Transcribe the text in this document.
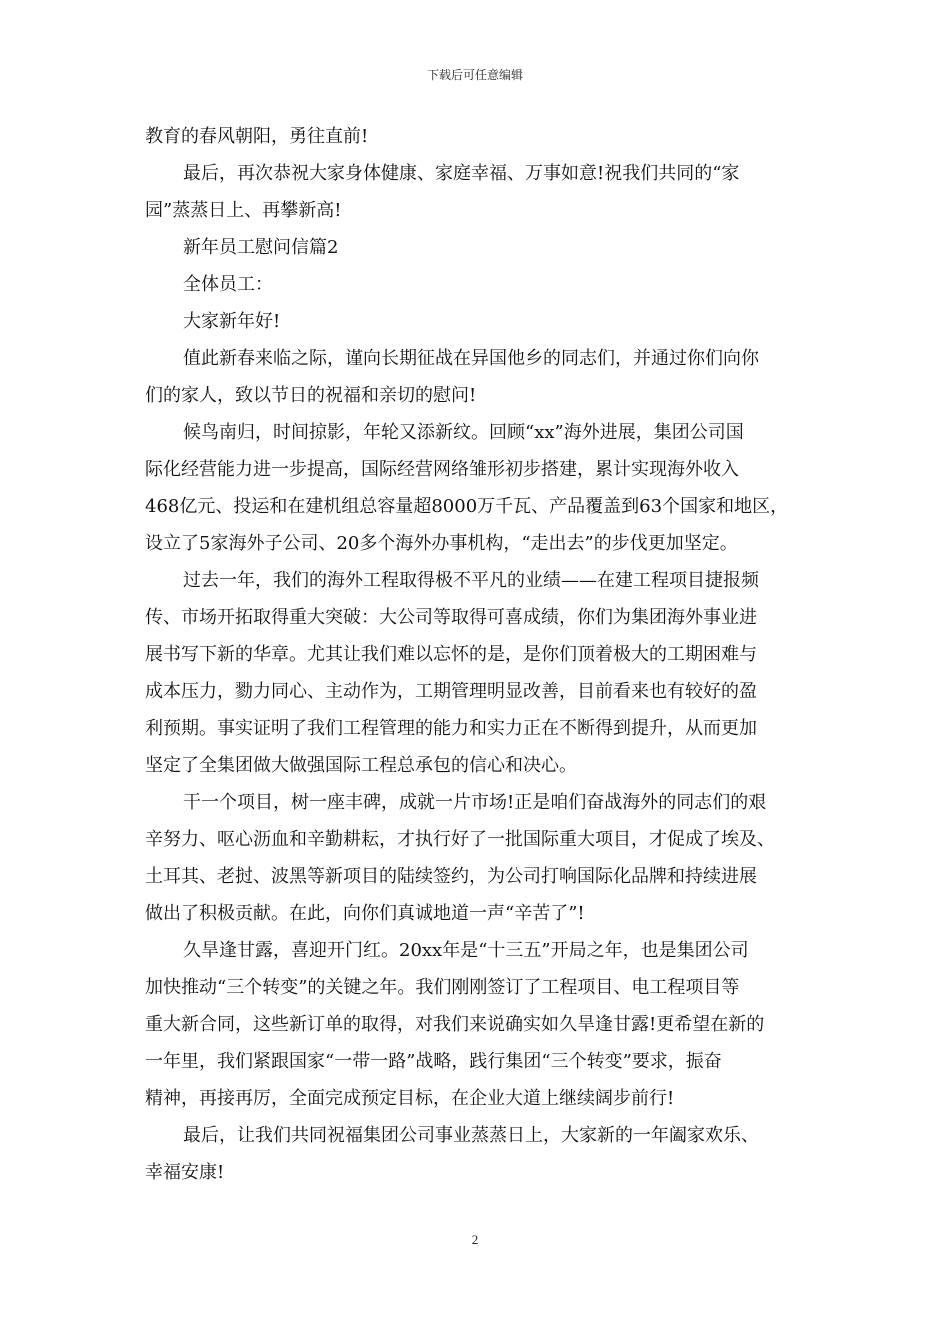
下载后可任意编辑
教育的春风朝阳，勇往直前!
最后，再次恭祝大家身体健康、家庭幸福、万事如意!祝我们共同的“家
园”蒸蒸日上、再攀新高!
新年员工慰问信篇2
全体员工：
大家新年好!
值此新春来临之际，谨向长期征战在异国他乡的同志们，并通过你们向你
们的家人，致以节日的祝福和亲切的慰问!
候鸟南归，时间掠影，年轮又添新纹。回顾“xx”海外进展，集团公司国
际化经营能力进一步提高，国际经营网络雏形初步搭建，累计实现海外收入
468亿元、投运和在建机组总容量超8000万千瓦、产品覆盖到63个国家和地区，
设立了5家海外子公司、20多个海外办事机构，“走出去”的步伐更加坚定。
过去一年，我们的海外工程取得极不平凡的业绩——在建工程项目捷报频
传、市场开拓取得重大突破：大公司等取得可喜成绩，你们为集团海外事业进
展书写下新的华章。尤其让我们难以忘怀的是，是你们顶着极大的工期困难与
成本压力，勠力同心、主动作为，工期管理明显改善，目前看来也有较好的盈
利预期。事实证明了我们工程管理的能力和实力正在不断得到提升，从而更加
坚定了全集团做大做强国际工程总承包的信心和决心。
干一个项目，树一座丰碑，成就一片市场!正是咱们奋战海外的同志们的艰
辛努力、呕心沥血和辛勤耕耘，才执行好了一批国际重大项目，才促成了埃及、
土耳其、老挝、波黑等新项目的陆续签约，为公司打响国际化品牌和持续进展
做出了积极贡献。在此，向你们真诚地道一声“辛苦了”!
久旱逢甘露，喜迎开门红。20xx年是“十三五”开局之年，也是集团公司
加快推动“三个转变”的关键之年。我们刚刚签订了工程项目、电工程项目等
重大新合同，这些新订单的取得，对我们来说确实如久旱逢甘露!更希望在新的
一年里，我们紧跟国家“一带一路”战略，践行集团“三个转变”要求，振奋
精神，再接再厉，全面完成预定目标，在企业大道上继续阔步前行!
最后，让我们共同祝福集团公司事业蒸蒸日上，大家新的一年阖家欢乐、
幸福安康!
2
